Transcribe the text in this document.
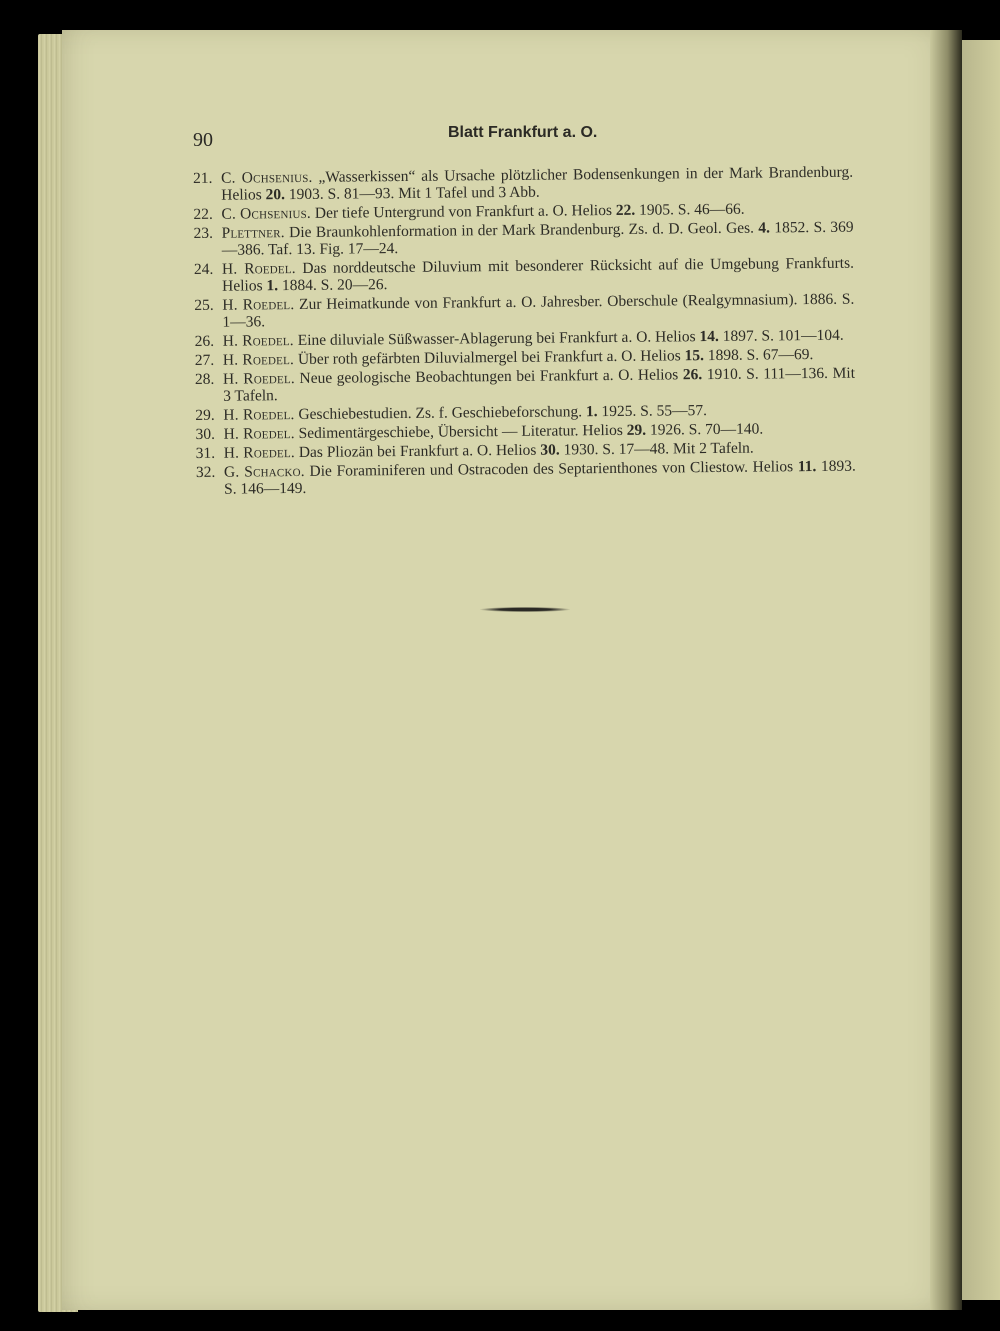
90	Blatt Frankfurt a. O.
21. C. Ochsenius. „Wasserkissen“ als Ursache plötzlicher Bodensenkungen in der Mark Brandenburg. Helios 20. 1903. S. 81—93. Mit 1 Tafel und 3 Abb.
22. C. Ochsenius. Der tiefe Untergrund von Frankfurt a. O. Helios 22. 1905. S. 46—66.
23. Plettner. Die Braunkohlenformation in der Mark Brandenburg. Zs. d. D. Geol. Ges. 4. 1852. S. 369—386. Taf. 13. Fig. 17—24.
24. H. Roedel. Das norddeutsche Diluvium mit besonderer Rücksicht auf die Umgebung Frankfurts. Helios 1. 1884. S. 20—26.
25. H. Roedel. Zur Heimatkunde von Frankfurt a. O. Jahresber. Oberschule (Realgymnasium). 1886. S. 1—36.
26. H. Roedel. Eine diluviale Süßwasser-Ablagerung bei Frankfurt a. O. Helios 14. 1897. S. 101—104.
27. H. Roedel. Über roth gefärbten Diluvialmergel bei Frankfurt a. O. Helios 15. 1898. S. 67—69.
28. H. Roedel. Neue geologische Beobachtungen bei Frankfurt a. O. Helios 26. 1910. S. 111—136. Mit 3 Tafeln.
29. H. Roedel. Geschiebestudien. Zs. f. Geschiebeforschung. 1. 1925. S. 55—57.
30. H. Roedel. Sedimentärgeschiebe, Übersicht — Literatur. Helios 29. 1926. S. 70—140.
31. H. Roedel. Das Pliozän bei Frankfurt a. O. Helios 30. 1930. S. 17—48. Mit 2 Tafeln.
32. G. Schacko. Die Foraminiferen und Ostracoden des Septarienthones von Cliestow. Helios 11. 1893. S. 146—149.
